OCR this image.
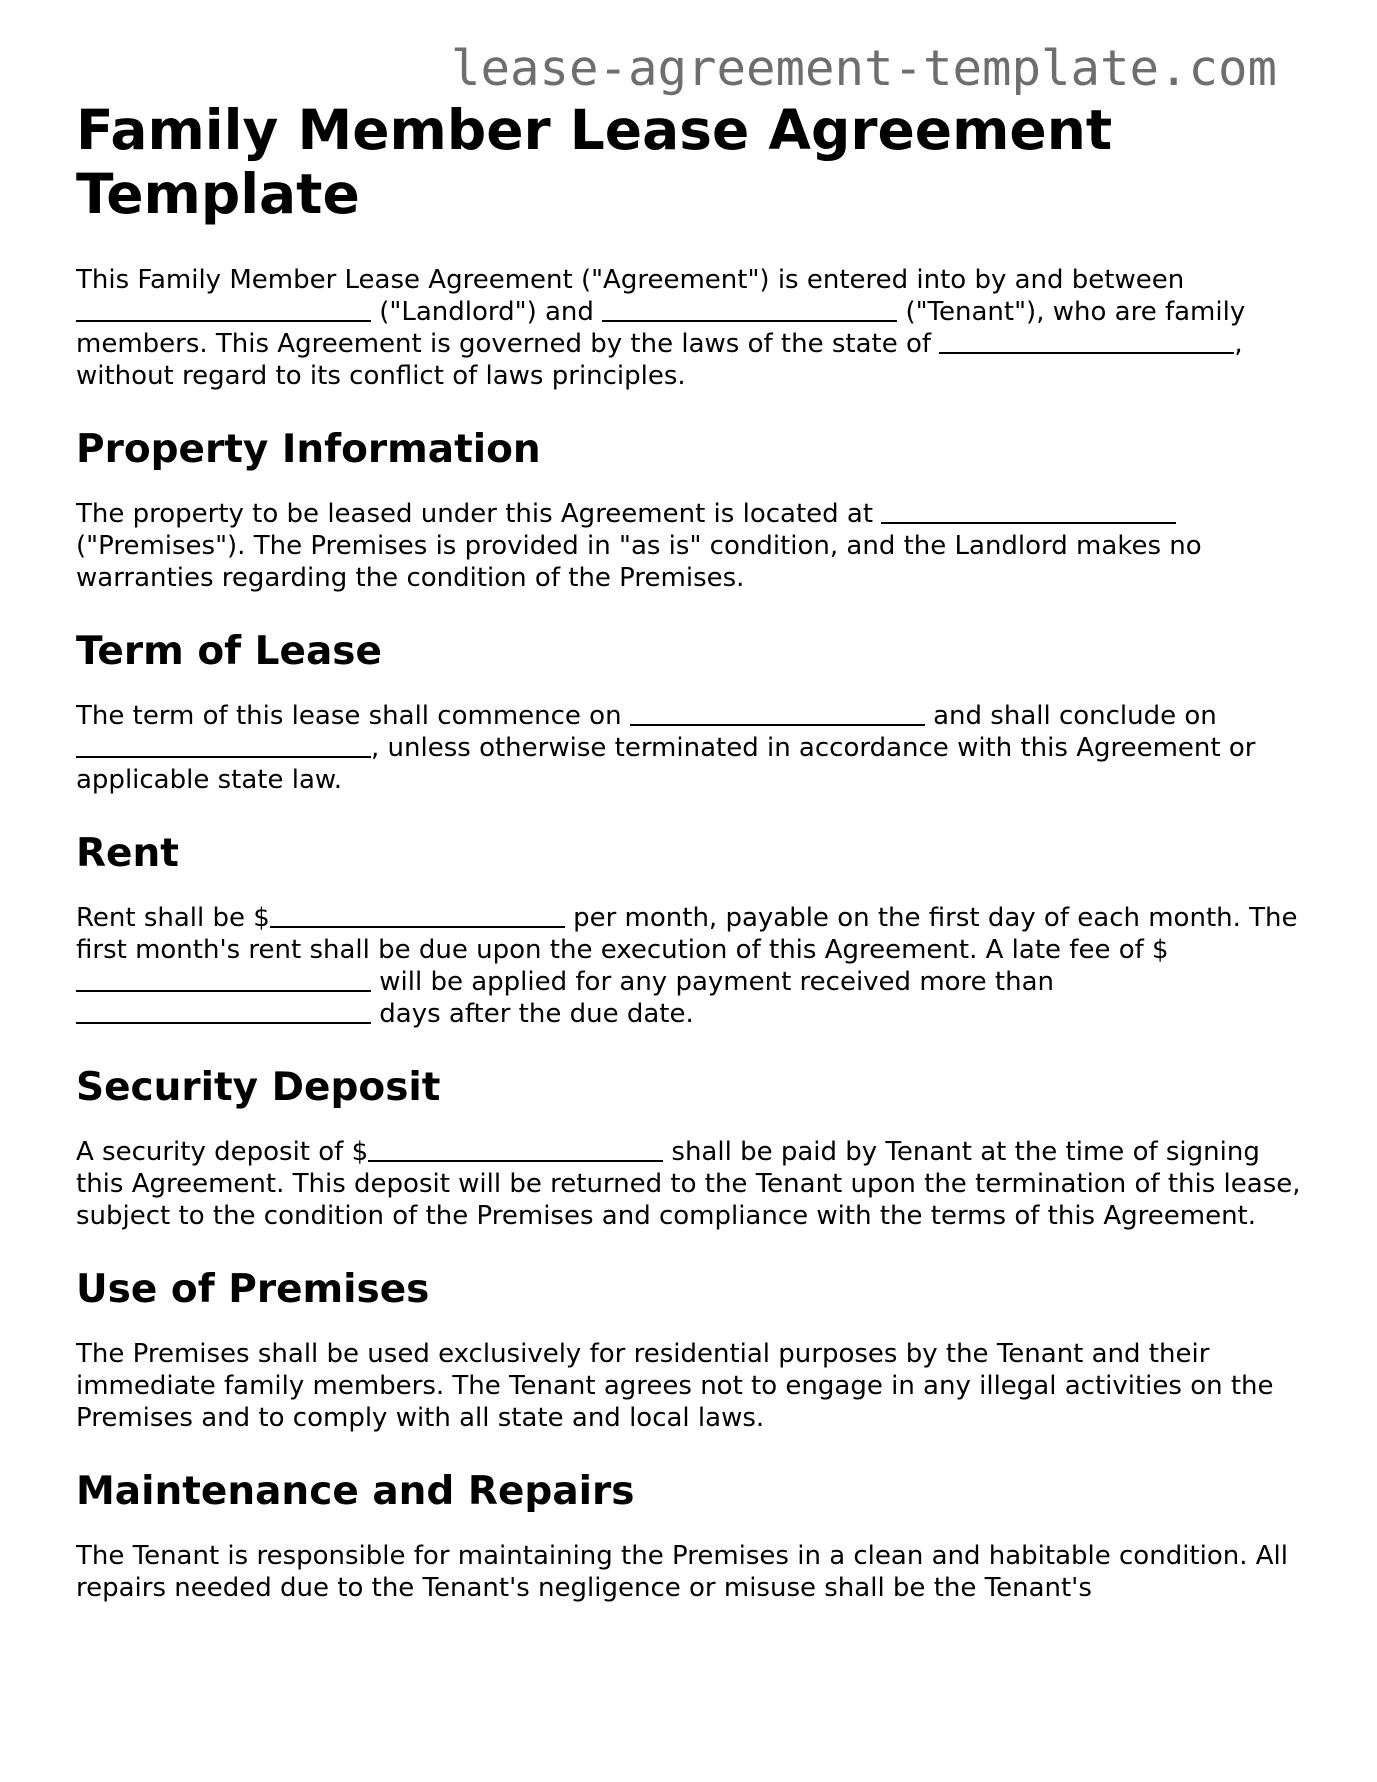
lease-agreement-template.com
Family Member Lease Agreement Template

This Family Member Lease Agreement ("Agreement") is entered into by and between  ("Landlord") and	("Tenant"), who are family members. This Agreement is governed by the laws of the state of	, without regard to its conflict of laws principles.

Property Information

The property to be leased under this Agreement is located at  ("Premises"). The Premises is provided in "as is" condition, and the Landlord makes no warranties regarding the condition of the Premises.

Term of Lease

The term of this lease shall commence on	and shall conclude on , unless otherwise terminated in accordance with this Agreement or applicable state law.

Rent

Rent shall be $	per month, payable on the first day of each month. The first month's rent shall be due upon the execution of this Agreement. A late fee of $ will be applied for any payment received more than  days after the due date.

Security Deposit

A security deposit of $	shall be paid by Tenant at the time of signing this Agreement. This deposit will be returned to the Tenant upon the termination of this lease, subject to the condition of the Premises and compliance with the terms of this Agreement.

Use of Premises

The Premises shall be used exclusively for residential purposes by the Tenant and their immediate family members. The Tenant agrees not to engage in any illegal activities on the Premises and to comply with all state and local laws.

Maintenance and Repairs

The Tenant is responsible for maintaining the Premises in a clean and habitable condition. All repairs needed due to the Tenant's negligence or misuse shall be the Tenant's
